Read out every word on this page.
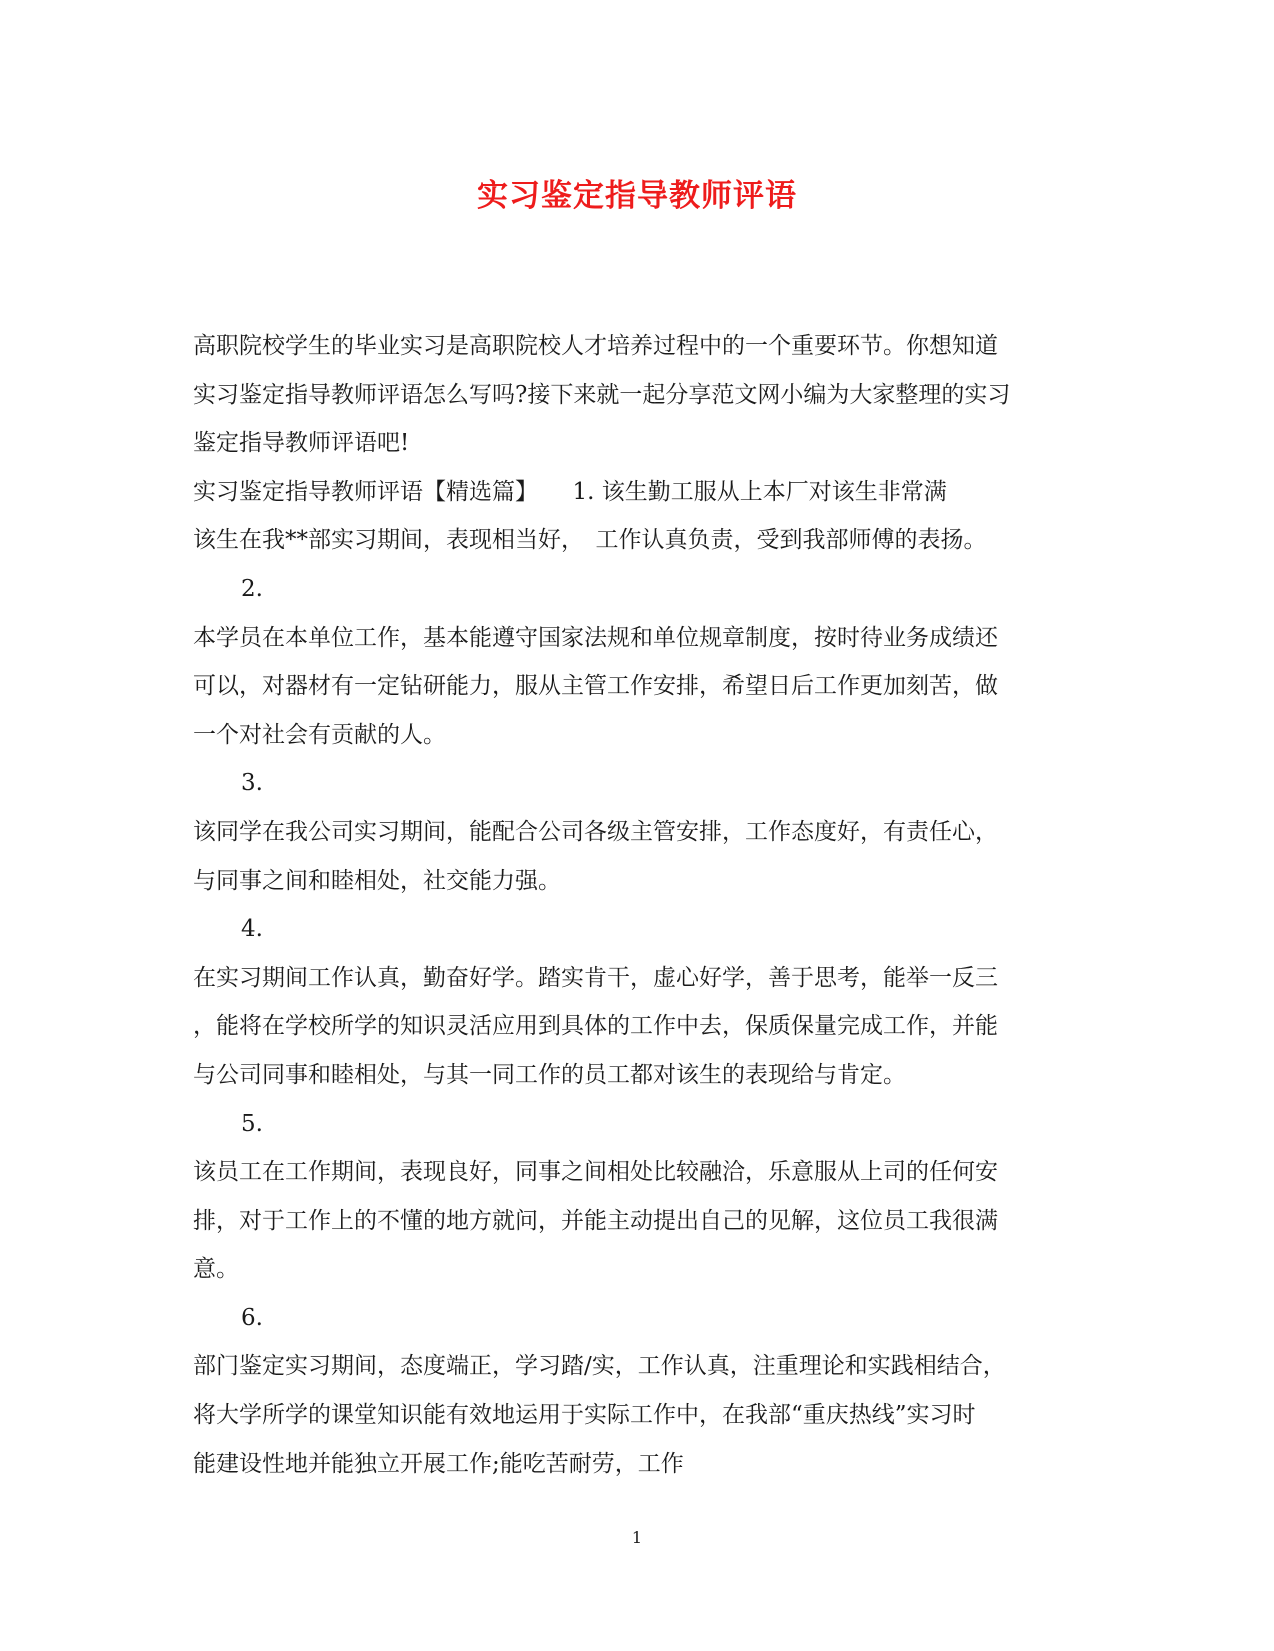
实习鉴定指导教师评语
高职院校学生的毕业实习是高职院校人才培养过程中的一个重要环节。你想知道
实习鉴定指导教师评语怎么写吗?接下来就一起分享范文网小编为大家整理的实习
鉴定指导教师评语吧!
实习鉴定指导教师评语【精选篇】　　1. 该生勤工服从上本厂对该生非常满
该生在我**部实习期间，表现相当好，　工作认真负责，受到我部师傅的表扬。
2.
本学员在本单位工作，基本能遵守国家法规和单位规章制度，按时待业务成绩还
可以，对器材有一定钻研能力，服从主管工作安排，希望日后工作更加刻苦，做
一个对社会有贡献的人。
3.
该同学在我公司实习期间，能配合公司各级主管安排，工作态度好，有责任心，
与同事之间和睦相处，社交能力强。
4.
在实习期间工作认真，勤奋好学。踏实肯干，虚心好学，善于思考，能举一反三
，能将在学校所学的知识灵活应用到具体的工作中去，保质保量完成工作，并能
与公司同事和睦相处，与其一同工作的员工都对该生的表现给与肯定。
5.
该员工在工作期间，表现良好，同事之间相处比较融洽，乐意服从上司的任何安
排，对于工作上的不懂的地方就问，并能主动提出自己的见解，这位员工我很满
意。
6.
部门鉴定实习期间，态度端正，学习踏/实，工作认真，注重理论和实践相结合，
将大学所学的课堂知识能有效地运用于实际工作中，在我部“重庆热线”实习时
能建设性地并能独立开展工作;能吃苦耐劳，工作
1
